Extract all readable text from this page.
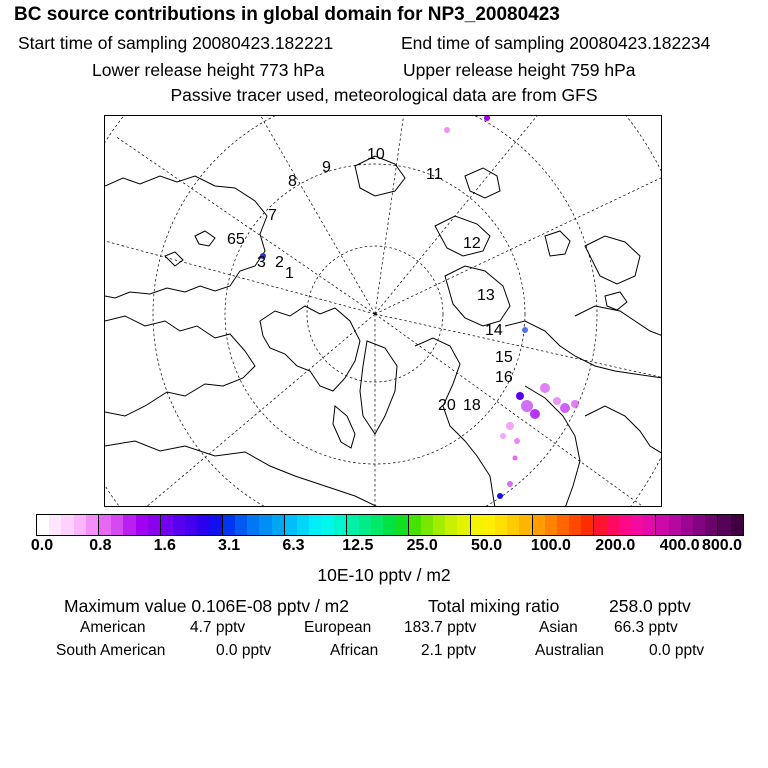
BC source contributions in global domain for NP3_20080423
Start time of sampling 20080423.182221	End time of sampling 20080423.182234
Lower release height 773 hPa	Upper release height 759 hPa
Passive tracer used, meteorological data are from GFS
65
7
8
9
10
11
12
13
14
15
16
20 18
3 2
1
0.0 0.8	1.6	3.1	6.3 12.5 25.0 50.0 100.0 200.0 400.0 800.0
10E-10 pptv / m2
Maximum value 0.106E-08 pptv / m2	Total mixing ratio	258.0 pptv
American	4.7 pptv	European 183.7 pptv	Asian 66.3 pptv
South American	0.0 pptv	African	2.1 pptv	Australian	0.0 pptv
